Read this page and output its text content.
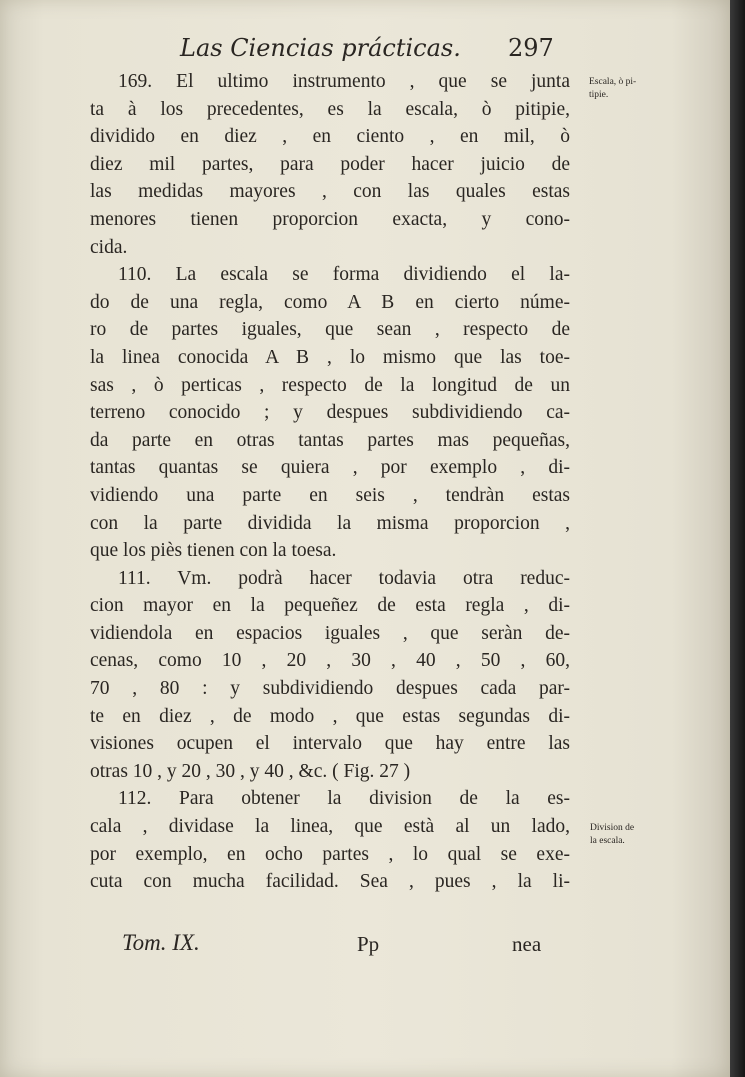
Las Ciencias prácticas. 297
169. El ultimo instrumento , que se junta
ta à los precedentes, es la escala, ò pitipie,
dividido en diez , en ciento , en mil, ò
diez mil partes, para poder hacer juicio de
las medidas mayores , con las quales estas
menores tienen proporcion exacta, y cono-
cida.
110. La escala se forma dividiendo el la-
do de una regla, como A B en cierto núme-
ro de partes iguales, que sean , respecto de
la linea conocida A B , lo mismo que las toe-
sas , ò perticas , respecto de la longitud de un
terreno conocido ; y despues subdividiendo ca-
da parte en otras tantas partes mas pequeñas,
tantas quantas se quiera , por exemplo , di-
vidiendo una parte en seis , tendràn estas
con la parte dividida la misma proporcion ,
que los piès tienen con la toesa.
111. Vm. podrà hacer todavia otra reduc-
cion mayor en la pequeñez de esta regla , di-
vidiendola en espacios iguales , que seràn de-
cenas, como 10 , 20 , 30 , 40 , 50 , 60,
70 , 80 : y subdividiendo despues cada par-
te en diez , de modo , que estas segundas di-
visiones ocupen el intervalo que hay entre las
otras 10 , y 20 , 30 , y 40 , &c. ( Fig. 27 )
112. Para obtener la division de la es-
cala , dividase la linea, que està al un lado,
por exemplo, en ocho partes , lo qual se exe-
cuta con mucha facilidad. Sea , pues , la li-
Escala, ò pi-
tipie.
Division de
la escala.
Tom. IX.	Pp	nea
